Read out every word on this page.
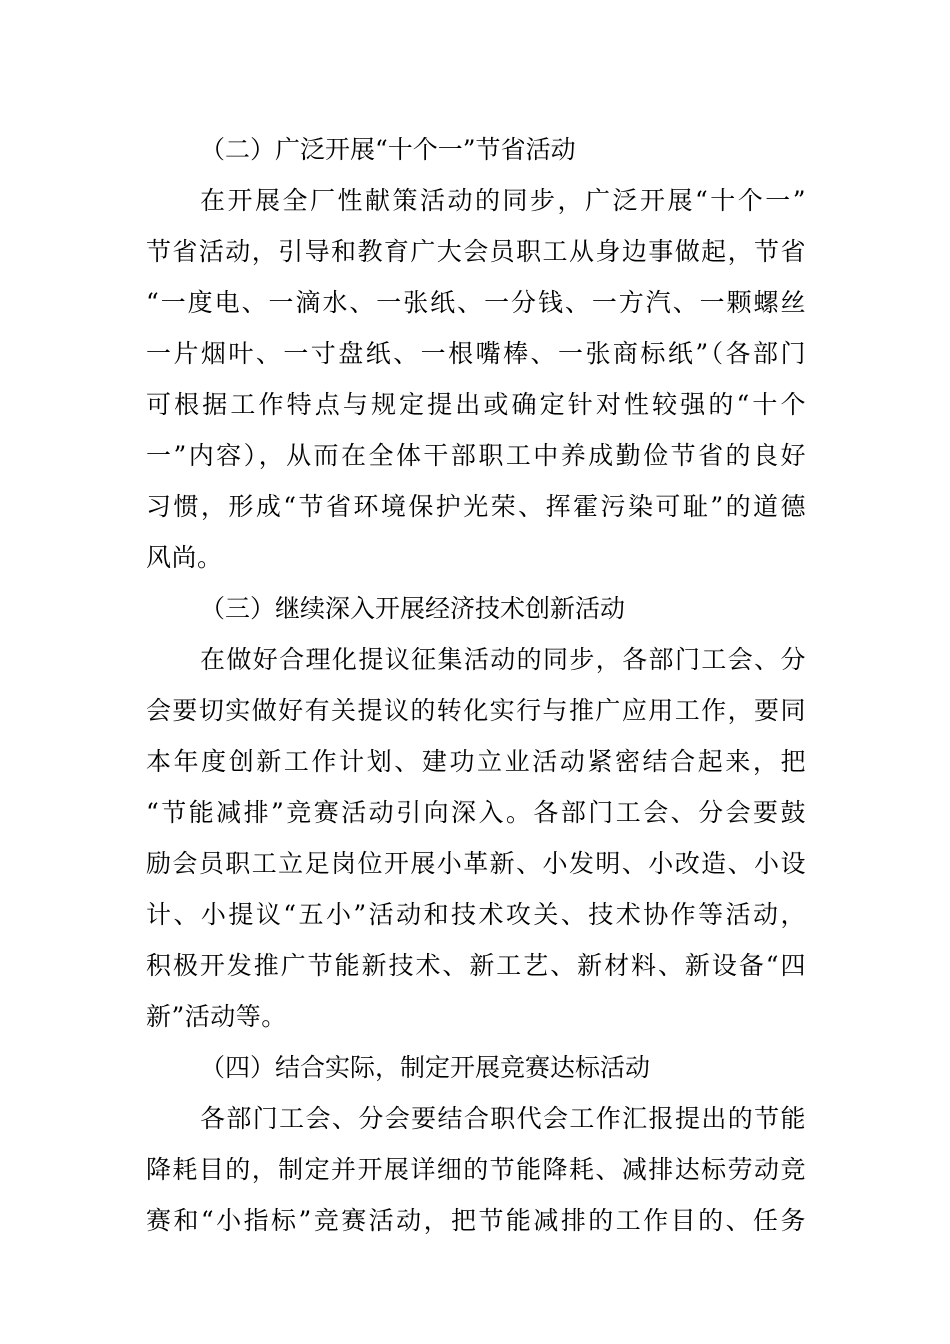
（二）广泛开展“十个一”节省活动

在开展全厂性献策活动的同步，广泛开展“十个一”
节省活动，引导和教育广大会员职工从身边事做起，节省
“一度电、一滴水、一张纸、一分钱、一方汽、一颗螺丝
一片烟叶、一寸盘纸、一根嘴棒、一张商标纸”（各部门
可根据工作特点与规定提出或确定针对性较强的“十个
一”内容），从而在全体干部职工中养成勤俭节省的良好
习惯，形成“节省环境保护光荣、挥霍污染可耻”的道德
风尚。

（三）继续深入开展经济技术创新活动

在做好合理化提议征集活动的同步，各部门工会、分
会要切实做好有关提议的转化实行与推广应用工作，要同
本年度创新工作计划、建功立业活动紧密结合起来，把
“节能减排”竞赛活动引向深入。各部门工会、分会要鼓
励会员职工立足岗位开展小革新、小发明、小改造、小设
计、小提议“五小”活动和技术攻关、技术协作等活动，
积极开发推广节能新技术、新工艺、新材料、新设备“四
新”活动等。

（四）结合实际，制定开展竞赛达标活动

各部门工会、分会要结合职代会工作汇报提出的节能
降耗目的，制定并开展详细的节能降耗、减排达标劳动竞
赛和“小指标”竞赛活动，把节能减排的工作目的、任务
